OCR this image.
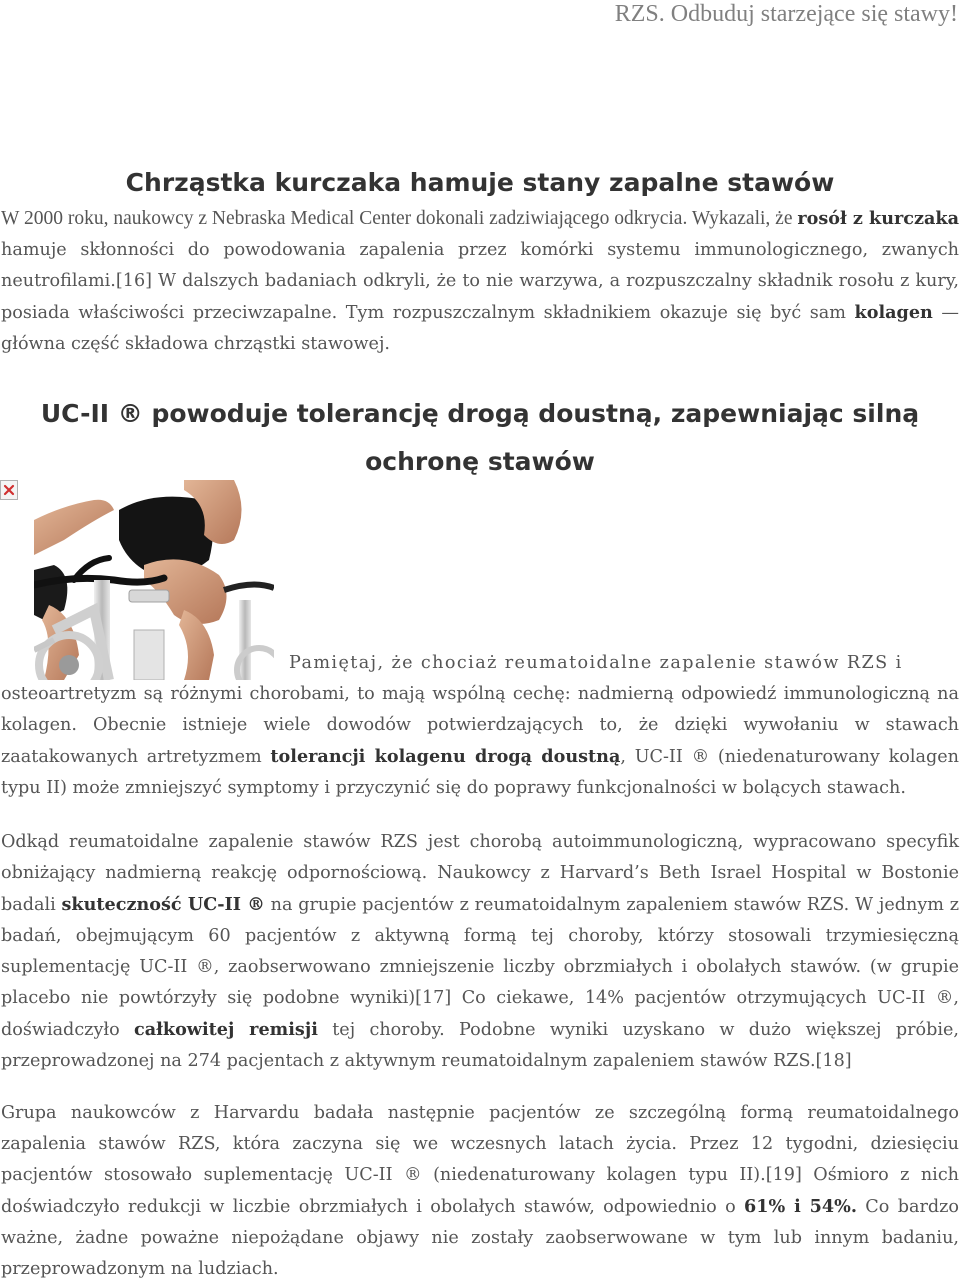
RZS. Odbuduj starzejące się stawy!
Chrząstka kurczaka hamuje stany zapalne stawów

W 2000 roku, naukowcy z Nebraska Medical Center dokonali zadziwiającego odkrycia. Wykazali, że rosół z kurczaka hamuje skłonności do powodowania zapalenia przez komórki systemu immunologicznego, zwanych neutrofilami.[16] W dalszych badaniach odkryli, że to nie warzywa, a rozpuszczalny składnik rosołu z kury, posiada właściwości przeciwzapalne. Tym rozpuszczalnym składnikiem okazuje się być sam kolagen — główna część składowa chrząstki stawowej.

UC-II ® powoduje tolerancję drogą doustną, zapewniając silną
ochronę stawów

Pamiętaj, że chociaż reumatoidalne zapalenie stawów RZS i
osteoartretyzm są różnymi chorobami, to mają wspólną cechę: nadmierną odpowiedź immunologiczną na kolagen. Obecnie istnieje wiele dowodów potwierdzających to, że dzięki wywołaniu w stawach zaatakowanych artretyzmem tolerancji kolagenu drogą doustną, UC-II ® (niedenaturowany kolagen typu II) może zmniejszyć symptomy i przyczynić się do poprawy funkcjonalności w bolących stawach.

Odkąd reumatoidalne zapalenie stawów RZS jest chorobą autoimmunologiczną, wypracowano specyfik obniżający nadmierną reakcję odpornościową. Naukowcy z Harvard’s Beth Israel Hospital w Bostonie badali skuteczność UC-II ® na grupie pacjentów z reumatoidalnym zapaleniem stawów RZS. W jednym z badań, obejmującym 60 pacjentów z aktywną formą tej choroby, którzy stosowali trzymiesięczną suplementację UC-II ®, zaobserwowano zmniejszenie liczby obrzmiałych i obolałych stawów. (w grupie placebo nie powtórzyły się podobne wyniki)[17] Co ciekawe, 14% pacjentów otrzymujących UC-II ®, doświadczyło całkowitej remisji tej choroby. Podobne wyniki uzyskano w dużo większej próbie, przeprowadzonej na 274 pacjentach z aktywnym reumatoidalnym zapaleniem stawów RZS.[18]

Grupa naukowców z Harvardu badała następnie pacjentów ze szczególną formą reumatoidalnego zapalenia stawów RZS, która zaczyna się we wczesnych latach życia. Przez 12 tygodni, dziesięciu pacjentów stosowało suplementację UC-II ® (niedenaturowany kolagen typu II).[19] Ośmioro z nich doświadczyło redukcji w liczbie obrzmiałych i obolałych stawów, odpowiednio o 61% i 54%. Co bardzo ważne, żadne poważne niepożądane objawy nie zostały zaobserwowane w tym lub innym badaniu, przeprowadzonym na ludziach.
